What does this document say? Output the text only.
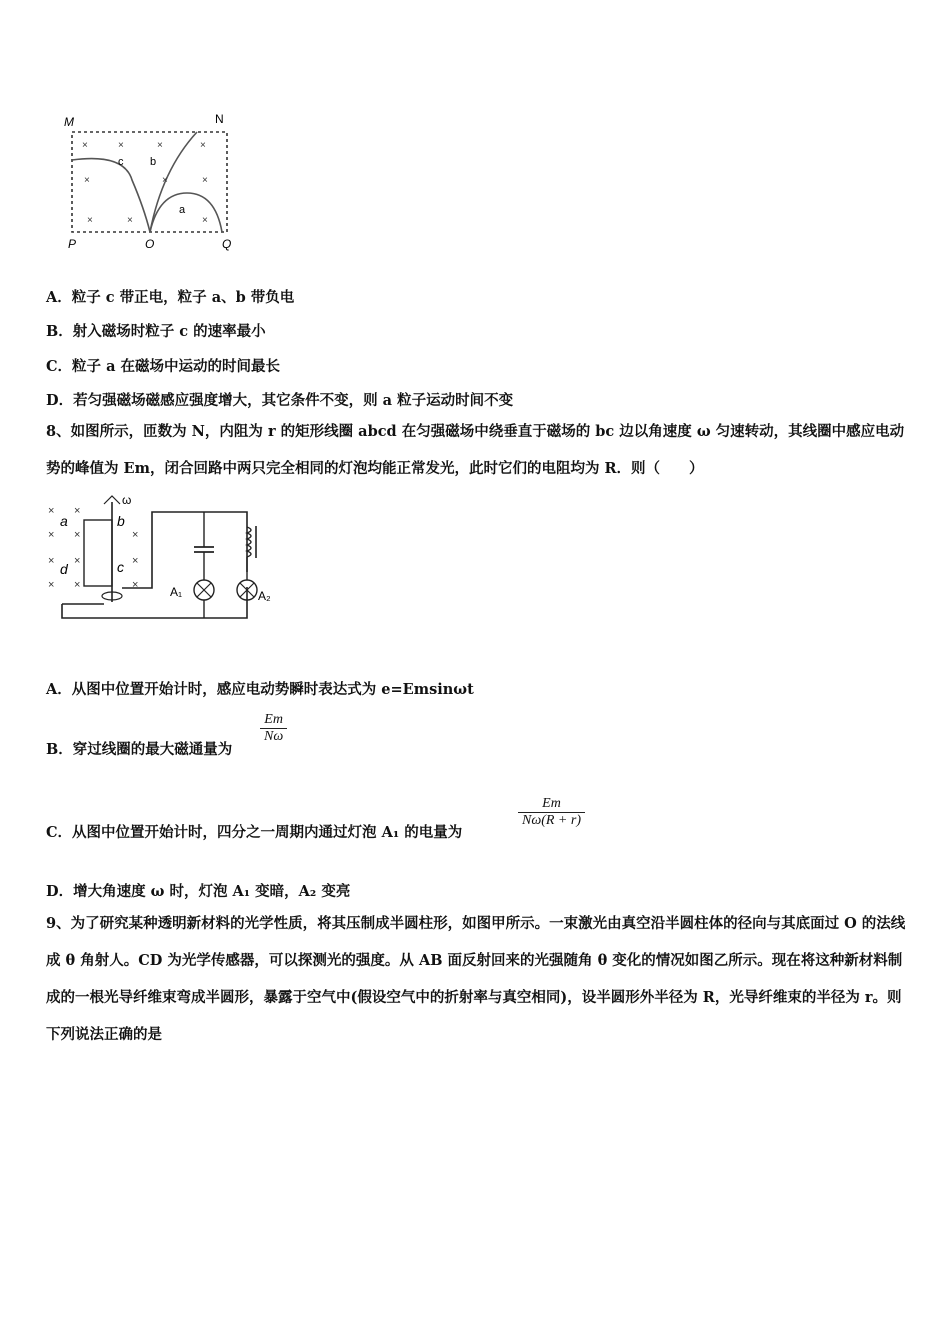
M	N
P	O	Q
c b
a
×	×	×	×
×	×	×
×	×	×
A．粒子 c 带正电，粒子 a、b 带负电
B．射入磁场时粒子 c 的速率最小
C．粒子 a 在磁场中运动的时间最长
D．若匀强磁场磁感应强度增大，其它条件不变，则 a 粒子运动时间不变
8、如图所示，匝数为 N，内阻为 r 的矩形线圈 abcd 在匀强磁场中绕垂直于磁场的 bc 边以角速度 ω 匀速转动，其线圈中感应电动势的峰值为 Em，闭合回路中两只完全相同的灯泡均能正常发光，此时它们的电阻均为 R．则（　　）
× ×
× ×
× ×
× ×
×
×
×
ω
a	b
c
d
A₁	A₂
A．从图中位置开始计时，感应电动势瞬时表达式为 e=Emsinωt
B．穿过线圈的最大磁通量为
$\frac{Em}{N\omega}$
C．从图中位置开始计时，四分之一周期内通过灯泡 A₁ 的电量为
$\frac{Em}{N\omega(R + r)}$
D．增大角速度 ω 时，灯泡 A₁ 变暗，A₂ 变亮
9、为了研究某种透明新材料的光学性质，将其压制成半圆柱形，如图甲所示。一束激光由真空沿半圆柱体的径向与其底面过 O 的法线成 θ 角射人。CD 为光学传感器，可以探测光的强度。从 AB 面反射回来的光强随角 θ 变化的情况如图乙所示。现在将这种新材料制成的一根光导纤维束弯成半圆形，暴露于空气中(假设空气中的折射率与真空相同)，设半圆形外半径为 R，光导纤维束的半径为 r。则下列说法正确的是
